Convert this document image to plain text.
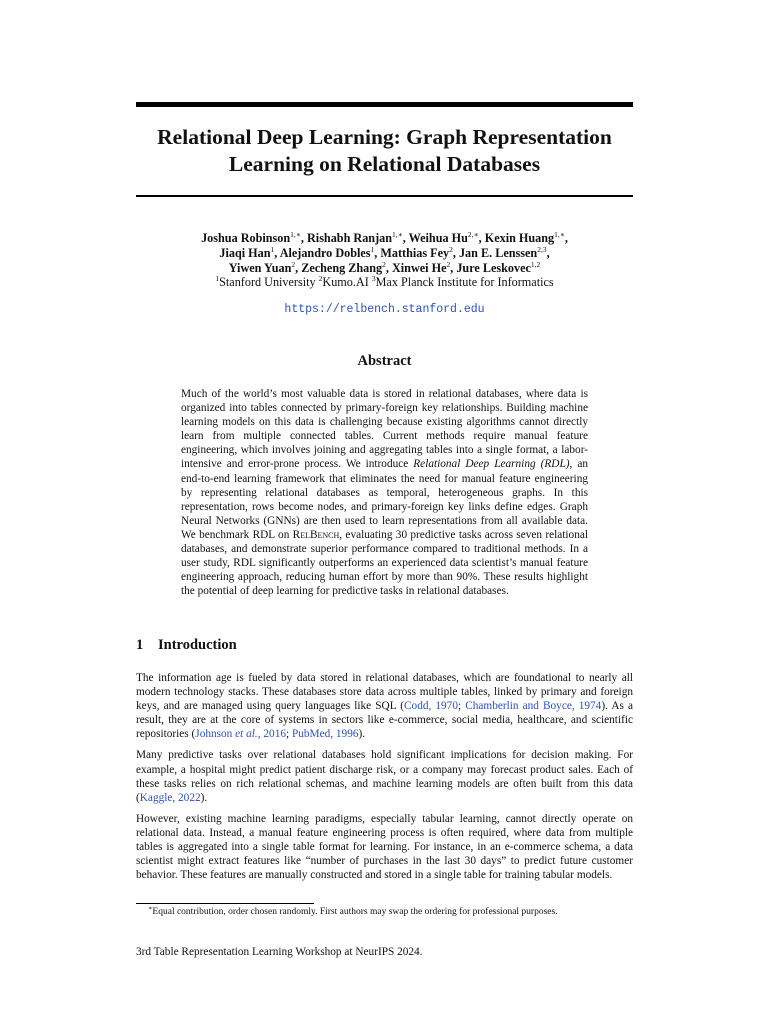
Relational Deep Learning: Graph Representation
Learning on Relational Databases
Joshua Robinson$^{1,∗}$, Rishabh Ranjan$^{1,∗}$, Weihua $Hu^{2,∗}$, Kexin Huang$^{1,∗}$,
Jiaqi Han$^1$, Alejandro Dobles$^1$, Matthias Fey$^2$, Jan E. Lenssen$^{2,3}$,
Yiwen Yuan$^2$, Zecheng Zhang$^2$, Xinwei He$^2$, Jure Leskovec$^{1,2}$
$^1$Stanford University $^2$Kumo.AI $^3$Max Planck Institute for Informatics
https://relbench.stanford.edu
Abstract
Much of the world’s most valuable data is stored in relational databases, where data is organized into tables connected by primary-foreign key relationships. Building machine learning models on this data is challenging because existing algorithms cannot directly learn from multiple connected tables. Current methods require manual feature engineering, which involves joining and aggregating tables into a single format, a labor-intensive and error-prone process. We introduce Relational Deep Learning (RDL), an end-to-end learning framework that eliminates the need for manual feature engineering by representing relational databases as temporal, heterogeneous graphs. In this representation, rows become nodes, and primary-foreign key links define edges. Graph Neural Networks (GNNs) are then used to learn representations from all available data. We benchmark RDL on RelBench, evaluating 30 predictive tasks across seven relational databases, and demonstrate superior performance compared to traditional methods. In a user study, RDL significantly outperforms an experienced data scientist’s manual feature engineering approach, reducing human effort by more than 90%. These results highlight the potential of deep learning for predictive tasks in relational databases.
1 Introduction

The information age is fueled by data stored in relational databases, which are foundational to nearly all modern technology stacks. These databases store data across multiple tables, linked by primary and foreign keys, and are managed using query languages like SQL (Codd, 1970; Chamberlin and Boyce, 1974). As a result, they are at the core of systems in sectors like e-commerce, social media, healthcare, and scientific repositories (Johnson et al., 2016; PubMed, 1996).

Many predictive tasks over relational databases hold significant implications for decision making. For example, a hospital might predict patient discharge risk, or a company may forecast product sales. Each of these tasks relies on rich relational schemas, and machine learning models are often built from this data (Kaggle, 2022).

However, existing machine learning paradigms, especially tabular learning, cannot directly operate on relational data. Instead, a manual feature engineering process is often required, where data from multiple tables is aggregated into a single table format for learning. For instance, in an e-commerce schema, a data scientist might extract features like “number of purchases in the last 30 days” to predict future customer behavior. These features are manually constructed and stored in a single table for training tabular models.

∗Equal contribution, order chosen randomly. First authors may swap the ordering for professional purposes.
3rd Table Representation Learning Workshop at NeurIPS 2024.
